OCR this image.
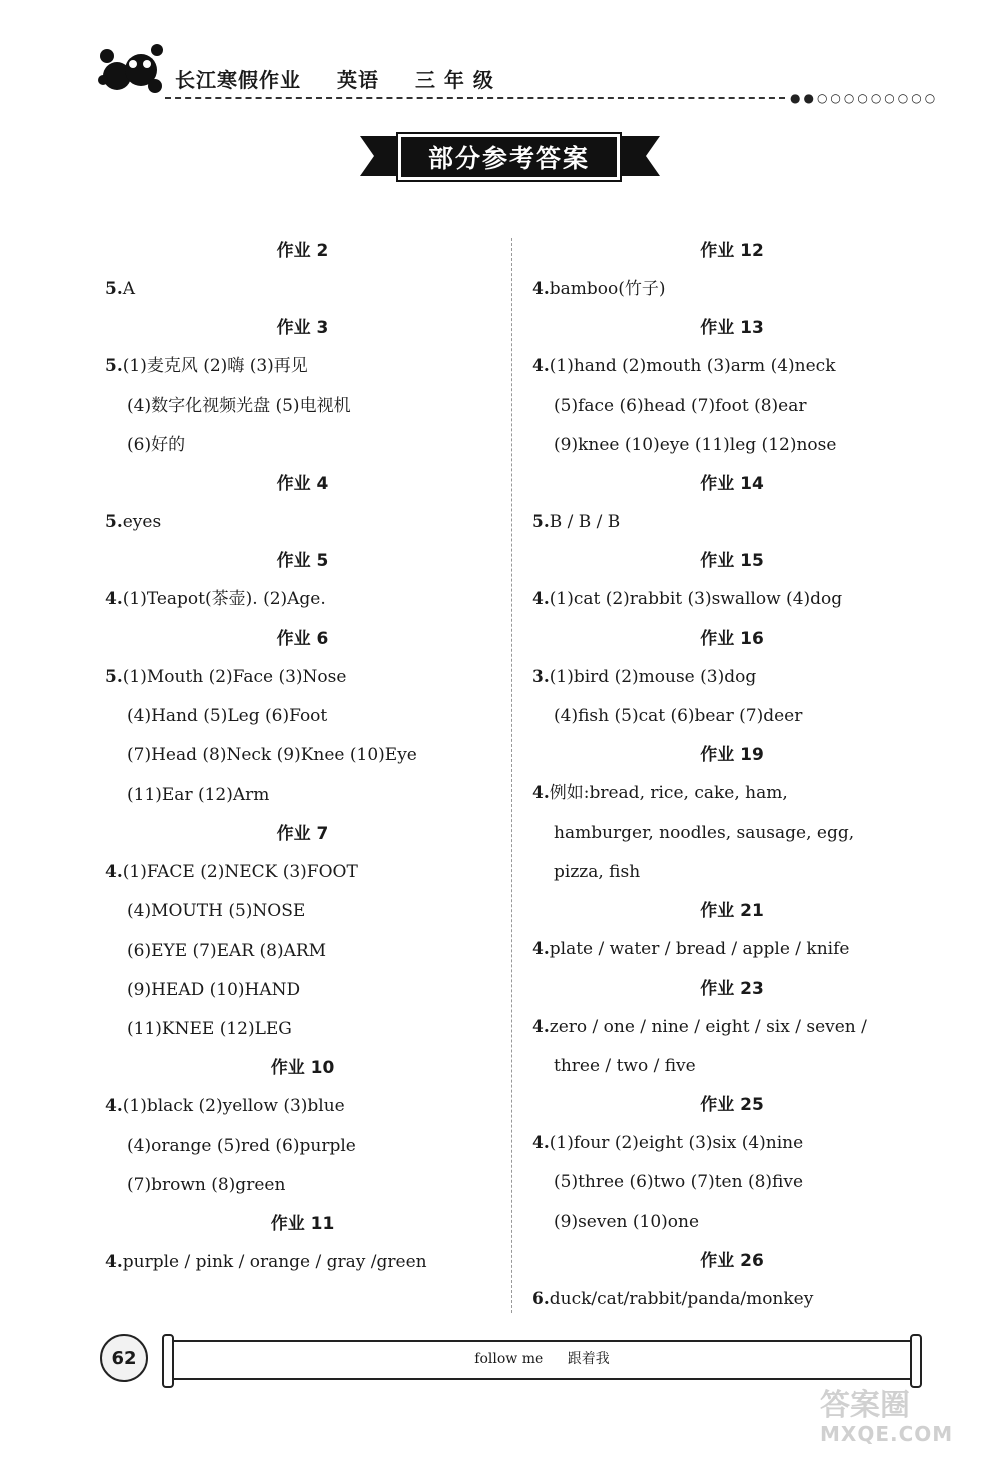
长江寒假作业 英语 三 年 级
●●○○○○○○○○○
部分参考答案
作业 2
5.A
作业 3
5.(1)麦克风 (2)嗨 (3)再见
(4)数字化视频光盘 (5)电视机
(6)好的
作业 4
5.eyes
作业 5
4.(1)Teapot(茶壶). (2)Age.
作业 6
5.(1)Mouth (2)Face (3)Nose
(4)Hand (5)Leg (6)Foot
(7)Head (8)Neck (9)Knee (10)Eye
(11)Ear (12)Arm
作业 7
4.(1)FACE (2)NECK (3)FOOT
(4)MOUTH (5)NOSE
(6)EYE (7)EAR (8)ARM
(9)HEAD (10)HAND
(11)KNEE (12)LEG
作业 10
4.(1)black (2)yellow (3)blue
(4)orange (5)red (6)purple
(7)brown (8)green
作业 11
4.purple / pink / orange / gray /green
作业 12
4.bamboo(竹子)
作业 13
4.(1)hand (2)mouth (3)arm (4)neck
(5)face (6)head (7)foot (8)ear
(9)knee (10)eye (11)leg (12)nose
作业 14
5.B / B / B
作业 15
4.(1)cat (2)rabbit (3)swallow (4)dog
作业 16
3.(1)bird (2)mouse (3)dog
(4)fish (5)cat (6)bear (7)deer
作业 19
4.例如:bread, rice, cake, ham,
hamburger, noodles, sausage, egg,
pizza, fish
作业 21
4.plate / water / bread / apple / knife
作业 23
4.zero / one / nine / eight / six / seven /
three / two / five
作业 25
4.(1)four (2)eight (3)six (4)nine
(5)three (6)two (7)ten (8)five
(9)seven (10)one
作业 26
6.duck/cat/rabbit/panda/monkey
62	follow me 跟着我
答案圈
MXQE.COM
